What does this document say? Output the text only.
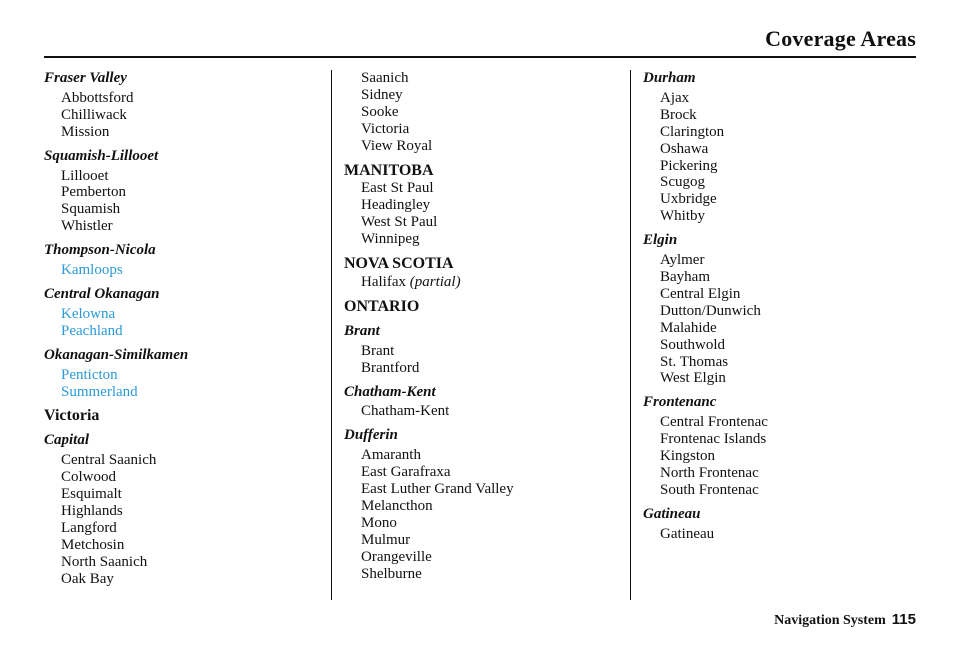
Coverage Areas
Fraser Valley
Abbottsford
Chilliwack
Mission
Squamish-Lillooet
Lillooet
Pemberton
Squamish
Whistler
Thompson-Nicola
Kamloops
Central Okanagan
Kelowna
Peachland
Okanagan-Similkamen
Penticton
Summerland
Victoria
Capital
Central Saanich
Colwood
Esquimalt
Highlands
Langford
Metchosin
North Saanich
Oak Bay
Saanich
Sidney
Sooke
Victoria
View Royal
MANITOBA
East St Paul
Headingley
West St Paul
Winnipeg
NOVA SCOTIA
Halifax (partial)
ONTARIO
Brant
Brant
Brantford
Chatham-Kent
Chatham-Kent
Dufferin
Amaranth
East Garafraxa
East Luther Grand Valley
Melancthon
Mono
Mulmur
Orangeville
Shelburne
Durham
Ajax
Brock
Clarington
Oshawa
Pickering
Scugog
Uxbridge
Whitby
Elgin
Aylmer
Bayham
Central Elgin
Dutton/Dunwich
Malahide
Southwold
St. Thomas
West Elgin
Frontenanc
Central Frontenac
Frontenac Islands
Kingston
North Frontenac
South Frontenac
Gatineau
Gatineau
Navigation System 115
